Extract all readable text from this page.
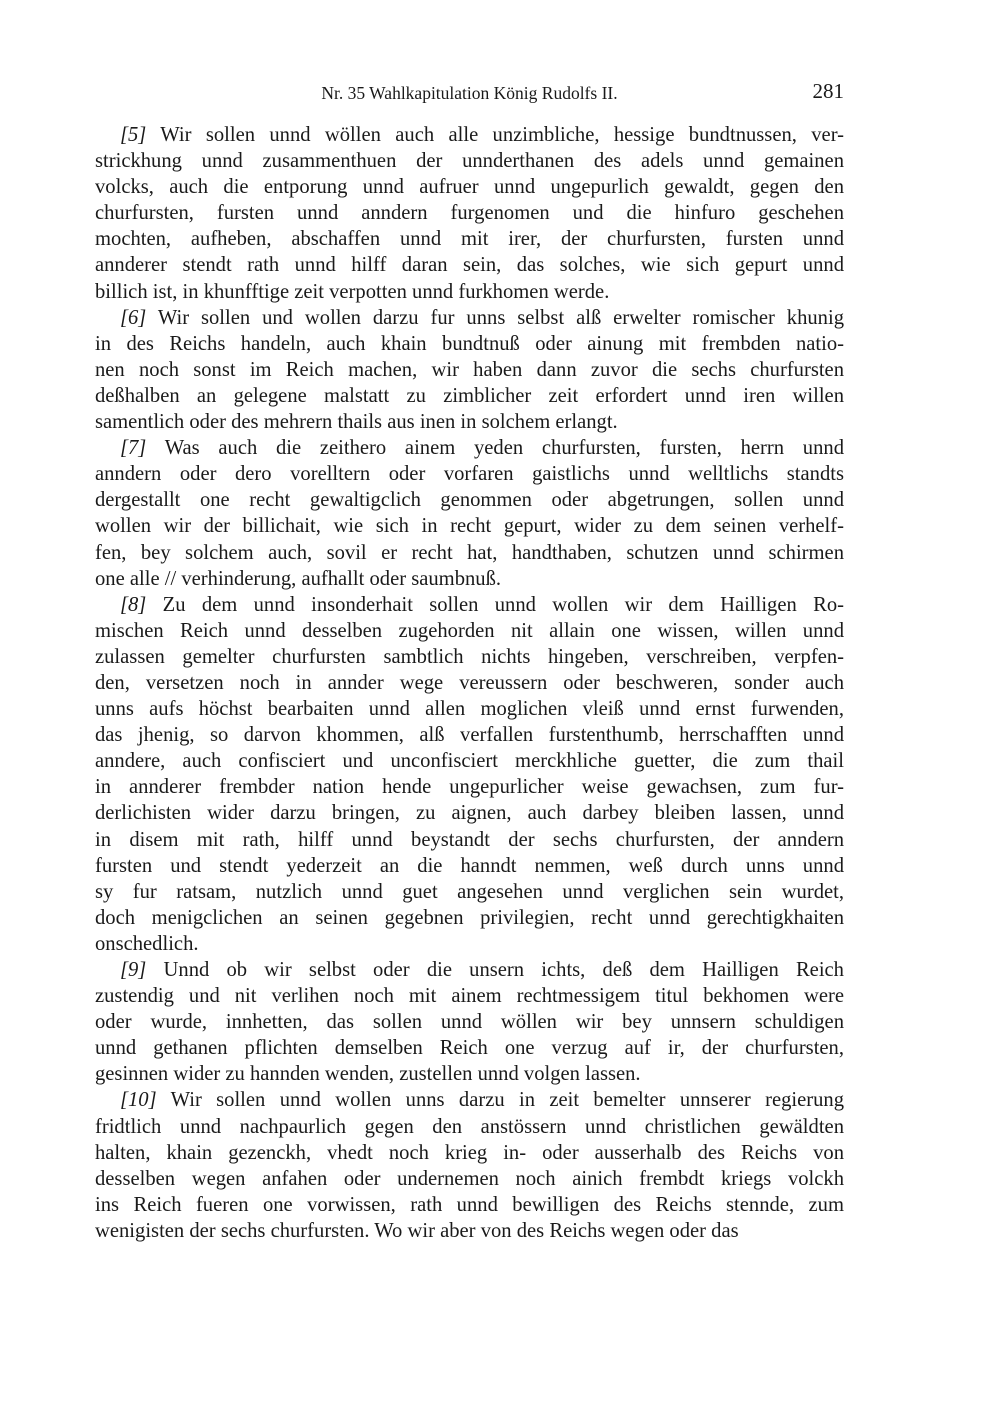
Nr. 35 Wahlkapitulation König Rudolfs II.	281
[5] Wir sollen unnd wöllen auch alle unzimbliche, hessige bundtnussen, ver-
strickhung unnd zusammenthuen der unnderthanen des adels unnd gemainen
volcks, auch die entporung unnd aufruer unnd ungepurlich gewaldt, gegen den
churfursten, fursten unnd anndern furgenomen und die hinfuro geschehen
mochten, aufheben, abschaffen unnd mit irer, der churfursten, fursten unnd
annderer stendt rath unnd hilff daran sein, das solches, wie sich gepurt unnd
billich ist, in khunfftige zeit verpotten unnd furkhomen werde.
[6] Wir sollen und wollen darzu fur unns selbst alß erwelter romischer khunig
in des Reichs handeln, auch khain bundtnuß oder ainung mit frembden natio-
nen noch sonst im Reich machen, wir haben dann zuvor die sechs churfursten
deßhalben an gelegene malstatt zu zimblicher zeit erfordert unnd iren willen
samentlich oder des mehrern thails aus inen in solchem erlangt.
[7] Was auch die zeithero ainem yeden churfursten, fursten, herrn unnd
anndern oder dero vorelltern oder vorfaren gaistlichs unnd welltlichs standts
dergestallt one recht gewaltigclich genommen oder abgetrungen, sollen unnd
wollen wir der billichait, wie sich in recht gepurt, wider zu dem seinen verhelf-
fen, bey solchem auch, sovil er recht hat, handthaben, schutzen unnd schirmen
one alle // verhinderung, aufhallt oder saumbnuß.
[8] Zu dem unnd insonderhait sollen unnd wollen wir dem Hailligen Ro-
mischen Reich unnd desselben zugehorden nit allain one wissen, willen unnd
zulassen gemelter churfursten sambtlich nichts hingeben, verschreiben, verpfen-
den, versetzen noch in annder wege vereussern oder beschweren, sonder auch
unns aufs höchst bearbaiten unnd allen moglichen vleiß unnd ernst furwenden,
das jhenig, so darvon khommen, alß verfallen furstenthumb, herrschafften unnd
anndere, auch confisciert und unconfisciert merckhliche guetter, die zum thail
in annderer frembder nation hende ungepurlicher weise gewachsen, zum fur-
derlichisten wider darzu bringen, zu aignen, auch darbey bleiben lassen, unnd
in disem mit rath, hilff unnd beystandt der sechs churfursten, der anndern
fursten und stendt yederzeit an die hanndt nemmen, weß durch unns unnd
sy fur ratsam, nutzlich unnd guet angesehen unnd verglichen sein wurdet,
doch menigclichen an seinen gegebnen privilegien, recht unnd gerechtigkhaiten
onschedlich.
[9] Unnd ob wir selbst oder die unsern ichts, deß dem Hailligen Reich
zustendig und nit verlihen noch mit ainem rechtmessigem titul bekhomen were
oder wurde, innhetten, das sollen unnd wöllen wir bey unnsern schuldigen
unnd gethanen pflichten demselben Reich one verzug auf ir, der churfursten,
gesinnen wider zu hannden wenden, zustellen unnd volgen lassen.
[10] Wir sollen unnd wollen unns darzu in zeit bemelter unnserer regierung
fridtlich unnd nachpaurlich gegen den anstössern unnd christlichen gewäldten
halten, khain gezenckh, vhedt noch krieg in- oder ausserhalb des Reichs von
desselben wegen anfahen oder undernemen noch ainich frembdt kriegs volckh
ins Reich fueren one vorwissen, rath unnd bewilligen des Reichs stennde, zum
wenigisten der sechs churfursten. Wo wir aber von des Reichs wegen oder das
